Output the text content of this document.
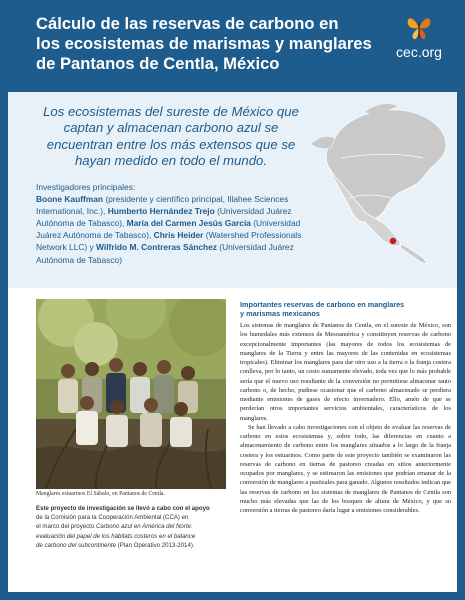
Cálculo de las reservas de carbono en
los ecosistemas de marismas y manglares
de Pantanos de Centla, México
cec.org

Los ecosistemas del sureste de México que captan y almacenan carbono azul se encuentran entre los más extensos que se hayan medido en todo el mundo.

Investigadores principales:
Boone Kauffman (presidente y científico principal, Illahee Sciences International, Inc.), Humberto Hernández Trejo (Universidad Juárez Autónoma de Tabasco), María del Carmen Jesús García (Universidad Juárez Autónoma de Tabasco), Chris Heider (Watershed Professionals Network LLC) y Wilfrido M. Contreras Sánchez (Universidad Juárez Autónoma de Tabasco)

Manglares estuarinos El Sábalo, en Pantanos de Centla.

Este proyecto de investigación se llevó a cabo con el apoyo
de la Comisión para la Cooperación Ambiental (CCA) en
el marco del proyecto Carbono azul en América del Norte:
evaluación del papel de los hábitats costeros en el balance
de carbono del subcontinente (Plan Operativo 2013-2014).

Importantes reservas de carbono en manglares
y marismas mexicanos

Los sistemas de manglares de Pantanos de Centla, en el sureste de México, son los humedales más extensos de Mesoamérica y constituyen reservas de carbono excepcionalmente importantes (las mayores de todos los ecosistemas de manglares de la Tierra y entre las mayores de las contenidas en ecosistemas tropicales). Eliminar los manglares para dar otro uso a la tierra o la franja costera conlleva, por lo tanto, un costo sumamente elevado, toda vez que lo más probable sería que el nuevo uso resultante de la conversión no permitiese almacenar tanto carbono o, de hecho, pudiese ocasionar que el carbono almacenado se perdiera mediante emisiones de gases de efecto invernadero. Ello, amén de que se perderían otros importantes servicios ambientales, característicos de los manglares.

Se han llevado a cabo investigaciones con el objeto de evaluar las reservas de carbono en estos ecosistemas y, sobre todo, las diferencias en cuanto a almacenamiento de carbono entre los manglares situados a lo largo de la franja costera y los estuarinos. Como parte de este proyecto también se examinaron las reservas de carbono en tierras de pastoreo creadas en sitios anteriormente ocupados por manglares, y se estimaron las emisiones que podrían emanar de la conversión de manglares a pastizales para ganado. Algunos resultados indican que las reservas de carbono en los sistemas de manglares de Pantanos de Centla son mucho más elevadas que las de los bosques de altura de México, y que su conversión a tierras de pastoreo daría lugar a emisiones considerables.
